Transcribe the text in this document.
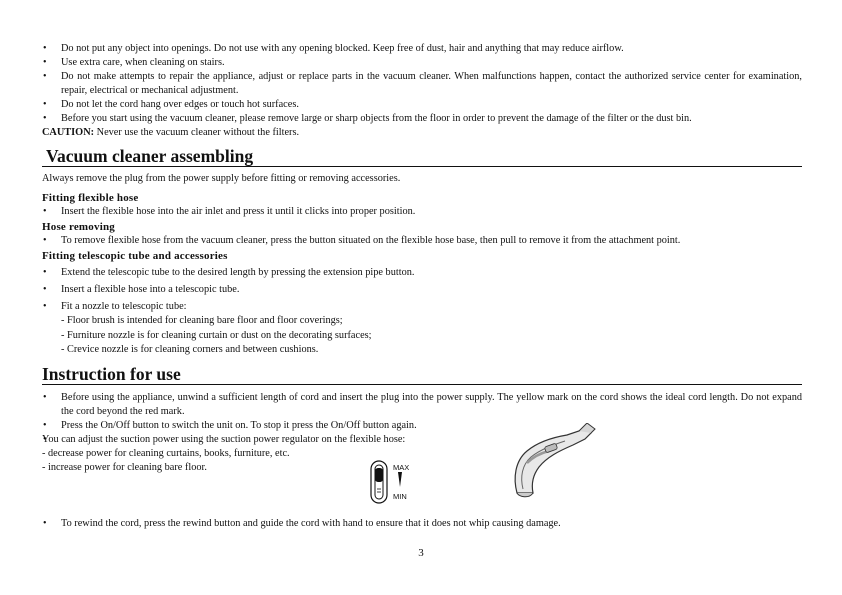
• Do not put any object into openings. Do not use with any opening blocked. Keep free of dust, hair and anything that may reduce airflow.
• Use extra care, when cleaning on stairs.
• Do not make attempts to repair the appliance, adjust or replace parts in the vacuum cleaner. When malfunctions happen, contact the authorized service center for examination, repair, electrical or mechanical adjustment.
• Do not let the cord hang over edges or touch hot surfaces.
• Before you start using the vacuum cleaner, please remove large or sharp objects from the floor in order to prevent the damage of the filter or the dust bin.
CAUTION: Never use the vacuum cleaner without the filters.
Vacuum cleaner assembling
Always remove the plug from the power supply before fitting or removing accessories.
Fitting flexible hose
• Insert the flexible hose into the air inlet and press it until it clicks into proper position.
Hose removing
• To remove flexible hose from the vacuum cleaner, press the button situated on the flexible hose base, then pull to remove it from the attachment point.
Fitting telescopic tube and accessories
• Extend the telescopic tube to the desired length by pressing the extension pipe button.
• Insert a flexible hose into a telescopic tube.
• Fit a nozzle to telescopic tube:
- Floor brush is intended for cleaning bare floor and floor coverings;
- Furniture nozzle is for cleaning curtain or dust on the decorating surfaces;
- Crevice nozzle is for cleaning corners and between cushions.
Instruction for use
• Before using the appliance, unwind a sufficient length of cord and insert the plug into the power supply. The yellow mark on the cord shows the ideal cord length. Do not expand the cord beyond the red mark.
• Press the On/Off button to switch the unit on. To stop it press the On/Off button again.
• You can adjust the suction power using the suction power regulator on the flexible hose:
- decrease power for cleaning curtains, books, furniture, etc.
- increase power for cleaning bare floor.	MAX
MIN
• To rewind the cord, press the rewind button and guide the cord with hand to ensure that it does not whip causing damage.
3
